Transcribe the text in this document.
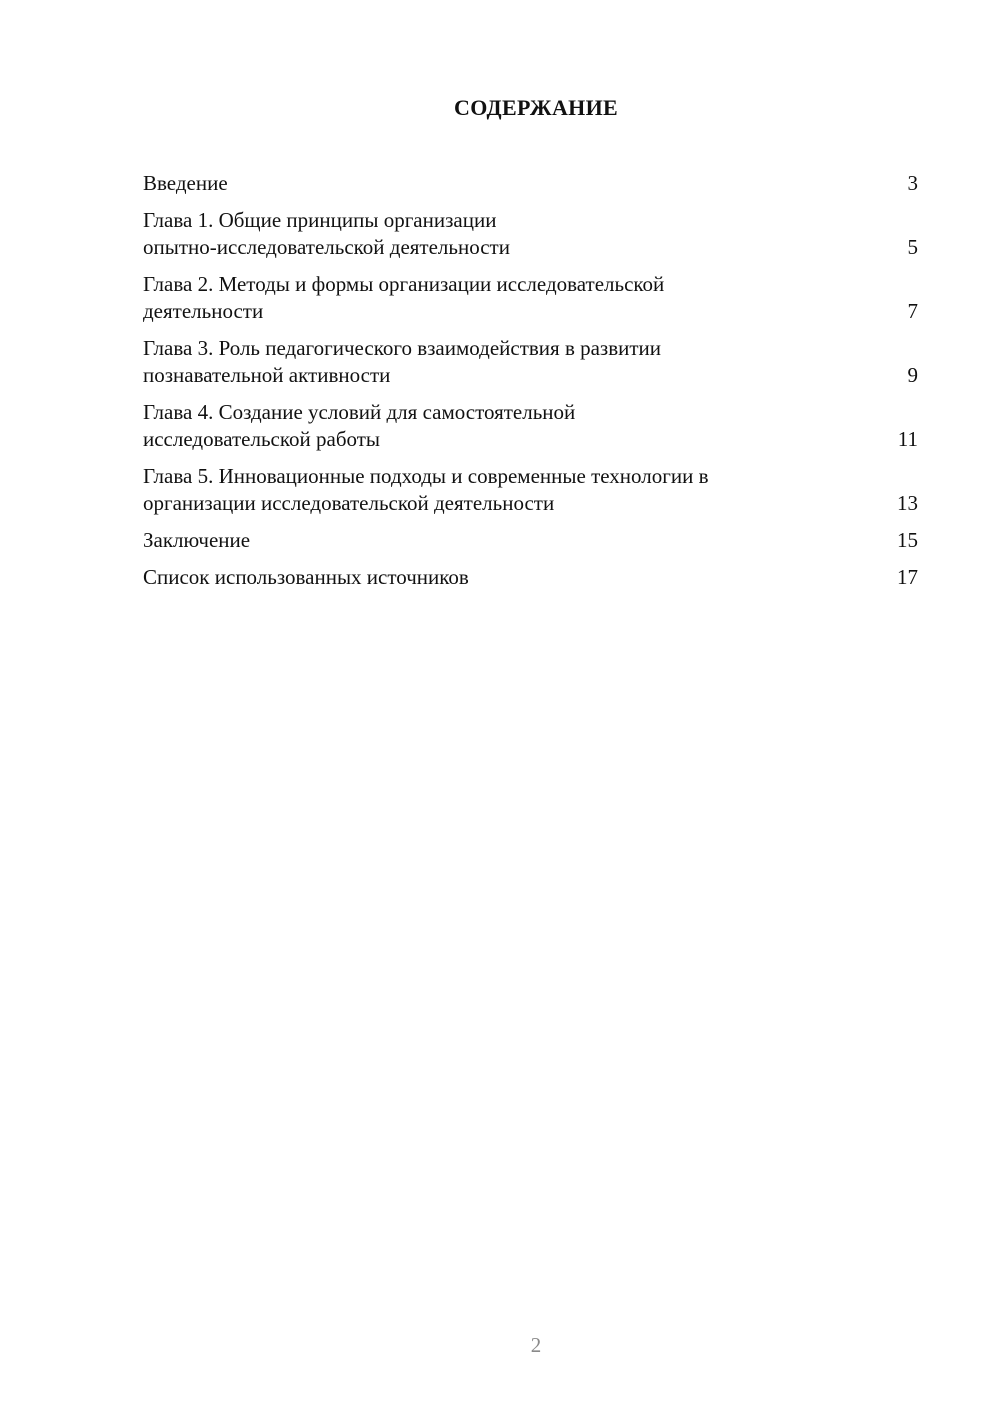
СОДЕРЖАНИЕ
Введение	3
Глава 1. Общие принципы организации
опытно-исследовательской деятельности	5
Глава 2. Методы и формы организации исследовательской
деятельности	7
Глава 3. Роль педагогического взаимодействия в развитии
познавательной активности	9
Глава 4. Создание условий для самостоятельной
исследовательской работы	11
Глава 5. Инновационные подходы и современные технологии в
организации исследовательской деятельности	13
Заключение	15
Список использованных источников	17
2
